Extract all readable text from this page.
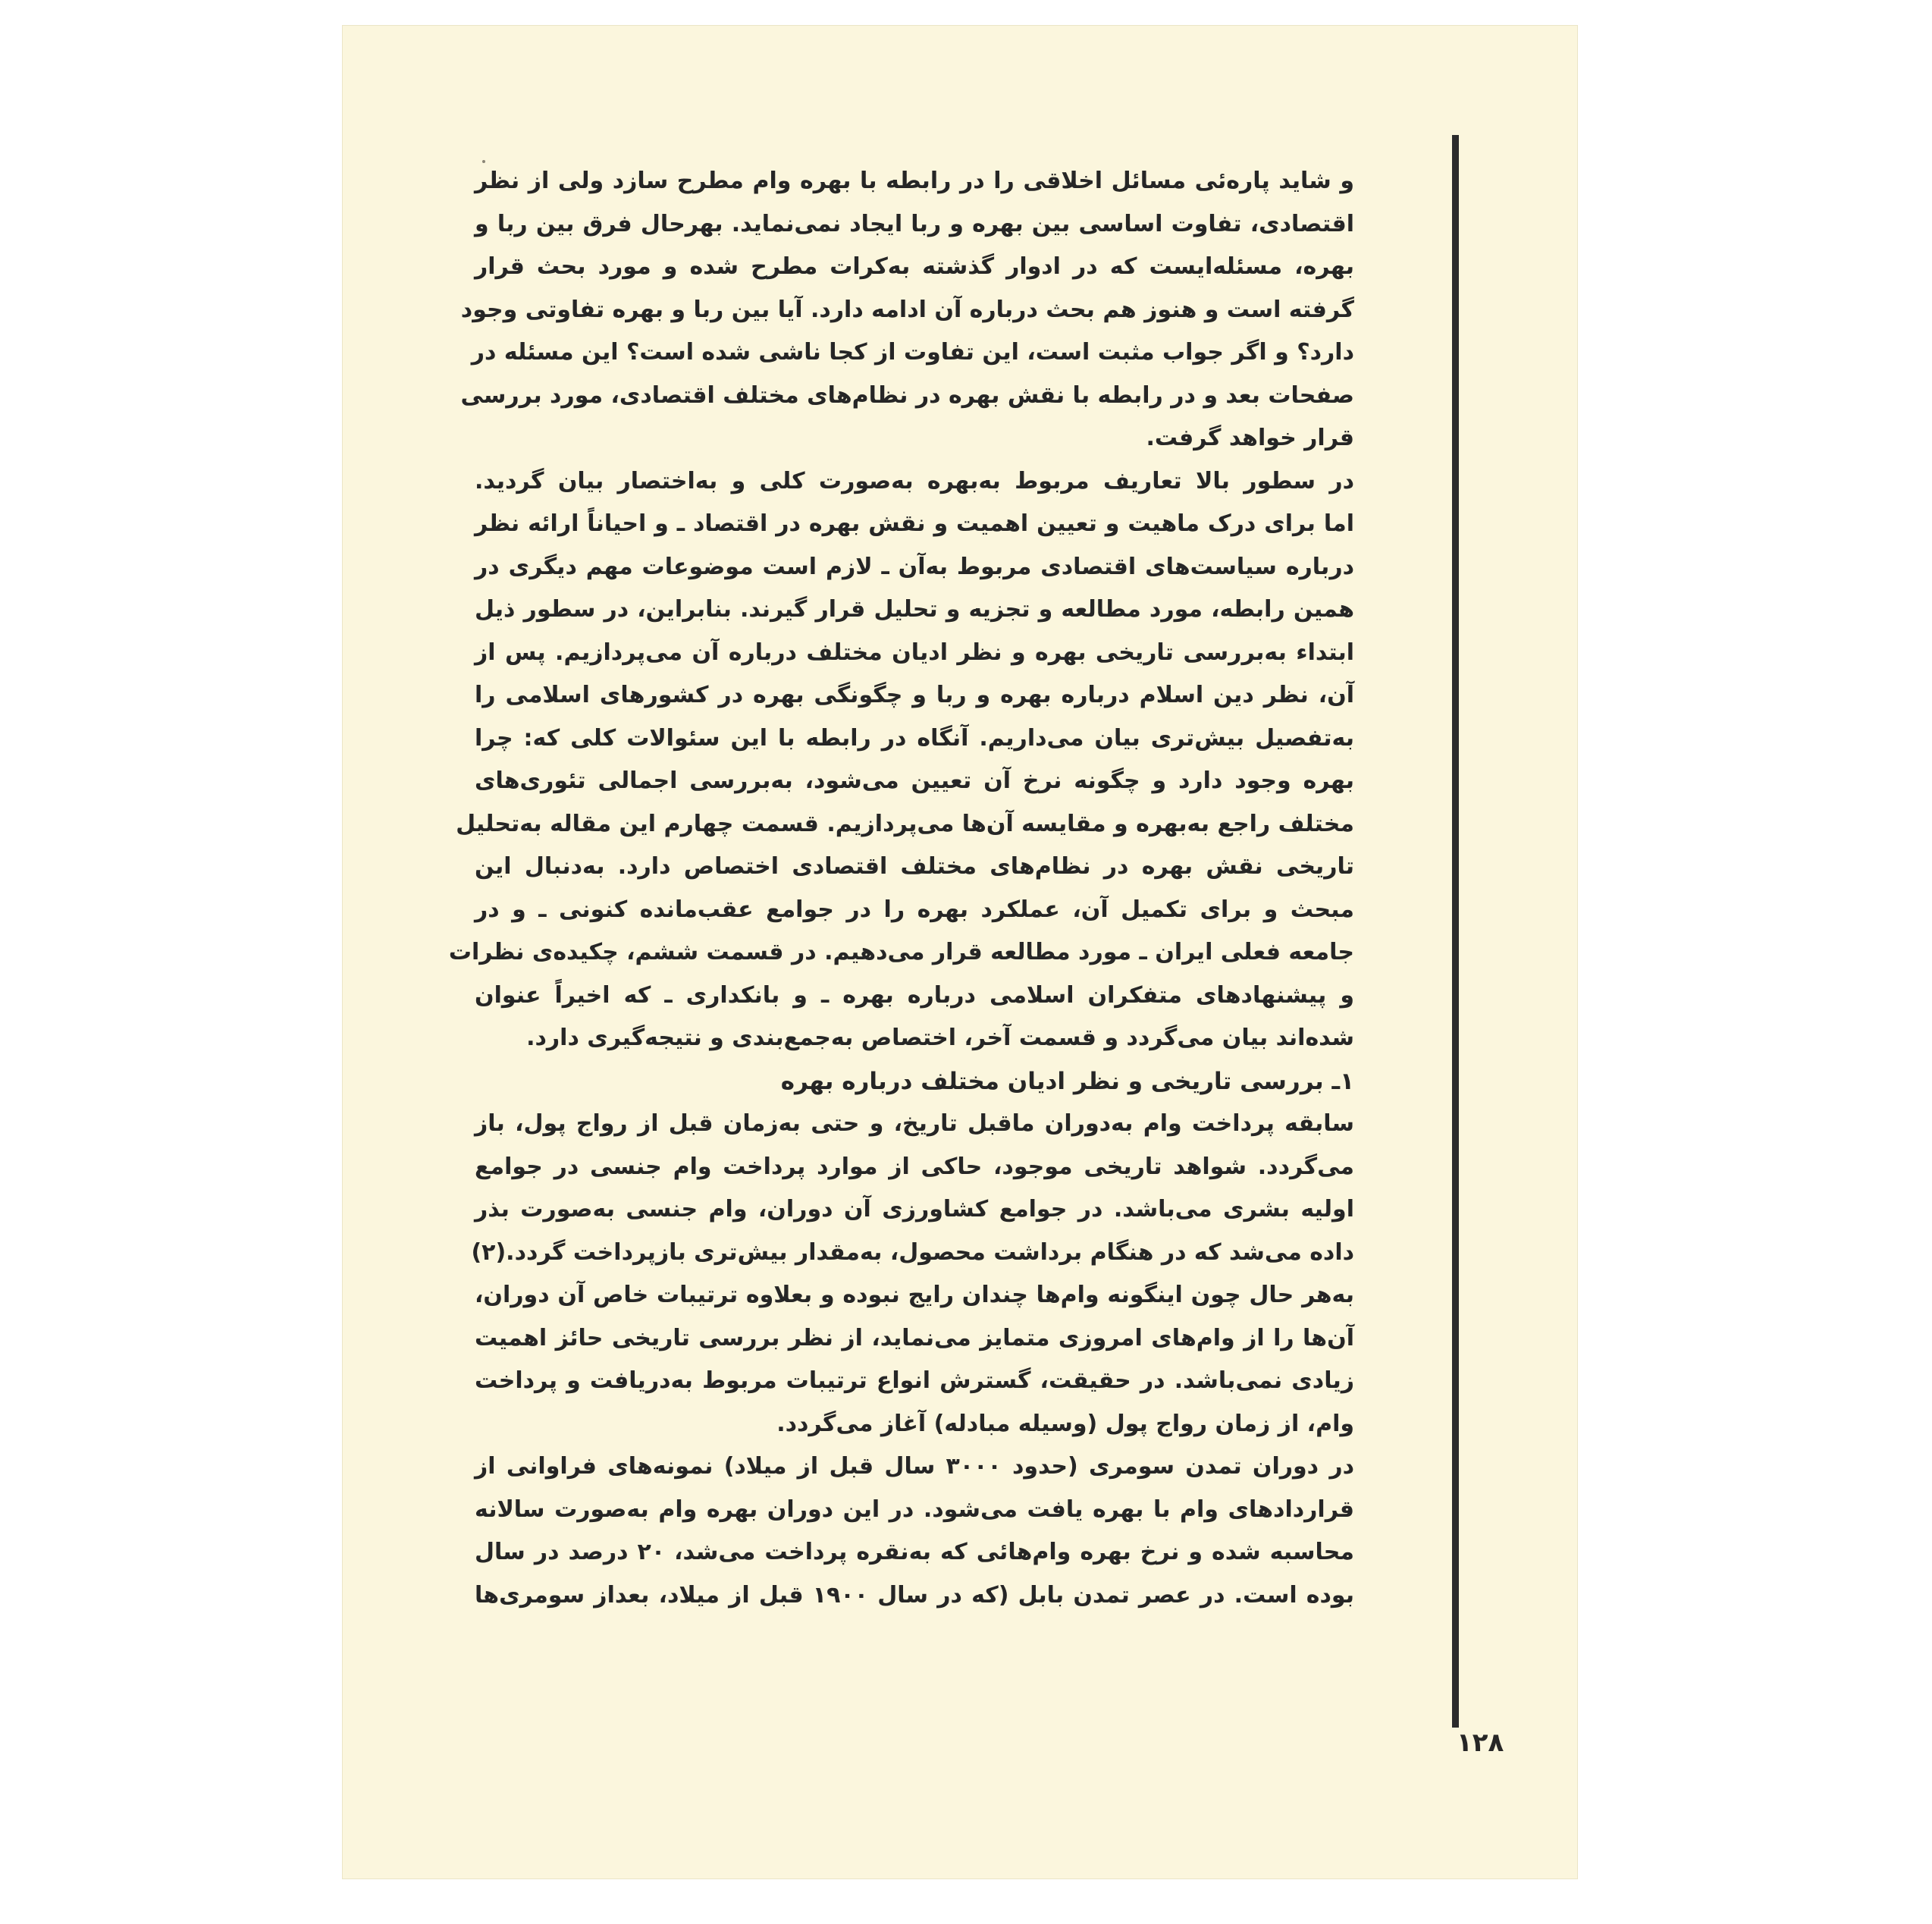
و شاید پاره‌ئی مسائل اخلاقی را در رابطه با بهره وام مطرح سازد ولی از نظر
اقتصادی، تفاوت اساسی بین بهره و ربا ایجاد نمی‌نماید. بهرحال فرق بین ربا و
بهره، مسئله‌ایست که در ادوار گذشته به‌کرات مطرح شده و مورد بحث قرار
گرفته است و هنوز هم بحث درباره آن ادامه دارد. آیا بین ربا و بهره تفاوتی وجود
دارد؟ و اگر جواب مثبت است، این تفاوت از کجا ناشی شده است؟ این مسئله در
صفحات بعد و در رابطه با نقش بهره در نظام‌های مختلف اقتصادی، مورد بررسی
قرار خواهد گرفت.
در سطور بالا تعاریف مربوط به‌بهره به‌صورت کلی و به‌اختصار بیان گردید.
اما برای درک ماهیت و تعیین اهمیت و نقش بهره در اقتصاد ـ و احیاناً ارائه نظر
درباره سیاست‌های اقتصادی مربوط به‌آن ـ لازم است موضوعات مهم دیگری در
همین رابطه، مورد مطالعه و تجزیه و تحلیل قرار گیرند. بنابراین، در سطور ذیل
ابتداء به‌بررسی تاریخی بهره و نظر ادیان مختلف درباره آن می‌پردازیم. پس از
آن، نظر دین اسلام درباره بهره و ربا و چگونگی بهره در کشورهای اسلامی را
به‌تفصیل بیش‌تری بیان می‌داریم. آنگاه در رابطه با این سئوالات کلی که: چرا
بهره وجود دارد و چگونه نرخ آن تعیین می‌شود، به‌بررسی اجمالی تئوری‌های
مختلف راجع به‌بهره و مقایسه آن‌ها می‌پردازیم. قسمت چهارم این مقاله به‌تحلیل
تاریخی نقش بهره در نظام‌های مختلف اقتصادی اختصاص دارد. به‌دنبال این
مبحث و برای تکمیل آن، عملکرد بهره را در جوامع عقب‌مانده کنونی ـ و در
جامعه فعلی ایران ـ مورد مطالعه قرار می‌دهیم. در قسمت ششم، چکیده‌ی نظرات
و پیشنهادهای متفکران اسلامی درباره بهره ـ و بانکداری ـ که اخیراً عنوان
شده‌اند بیان می‌گردد و قسمت آخر، اختصاص به‌جمع‌بندی و نتیجه‌گیری دارد.
۱ـ بررسی تاریخی و نظر ادیان مختلف درباره بهره
سابقه پرداخت وام به‌دوران ماقبل تاریخ، و حتی به‌زمان قبل از رواج پول، باز
می‌گردد. شواهد تاریخی موجود، حاکی از موارد پرداخت وام جنسی در جوامع
اولیه بشری می‌باشد. در جوامع کشاورزی آن دوران، وام جنسی به‌صورت بذر
داده می‌شد که در هنگام برداشت محصول، به‌مقدار بیش‌تری بازپرداخت گردد.(۲)
به‌هر حال چون اینگونه وام‌ها چندان رایج نبوده و بعلاوه ترتیبات خاص آن دوران،
آن‌ها را از وام‌های امروزی متمایز می‌نماید، از نظر بررسی تاریخی حائز اهمیت
زیادی نمی‌باشد. در حقیقت، گسترش انواع ترتیبات مربوط به‌دریافت و پرداخت
وام، از زمان رواج پول (وسیله مبادله) آغاز می‌گردد.
در دوران تمدن سومری (حدود ۳۰۰۰ سال قبل از میلاد) نمونه‌های فراوانی از
قراردادهای وام با بهره یافت می‌شود. در این دوران بهره وام به‌صورت سالانه
محاسبه شده و نرخ بهره وام‌هائی که به‌نقره پرداخت می‌شد، ۲۰ درصد در سال
بوده است. در عصر تمدن بابل (که در سال ۱۹۰۰ قبل از میلاد، بعداز سومری‌ها
١٢٨
